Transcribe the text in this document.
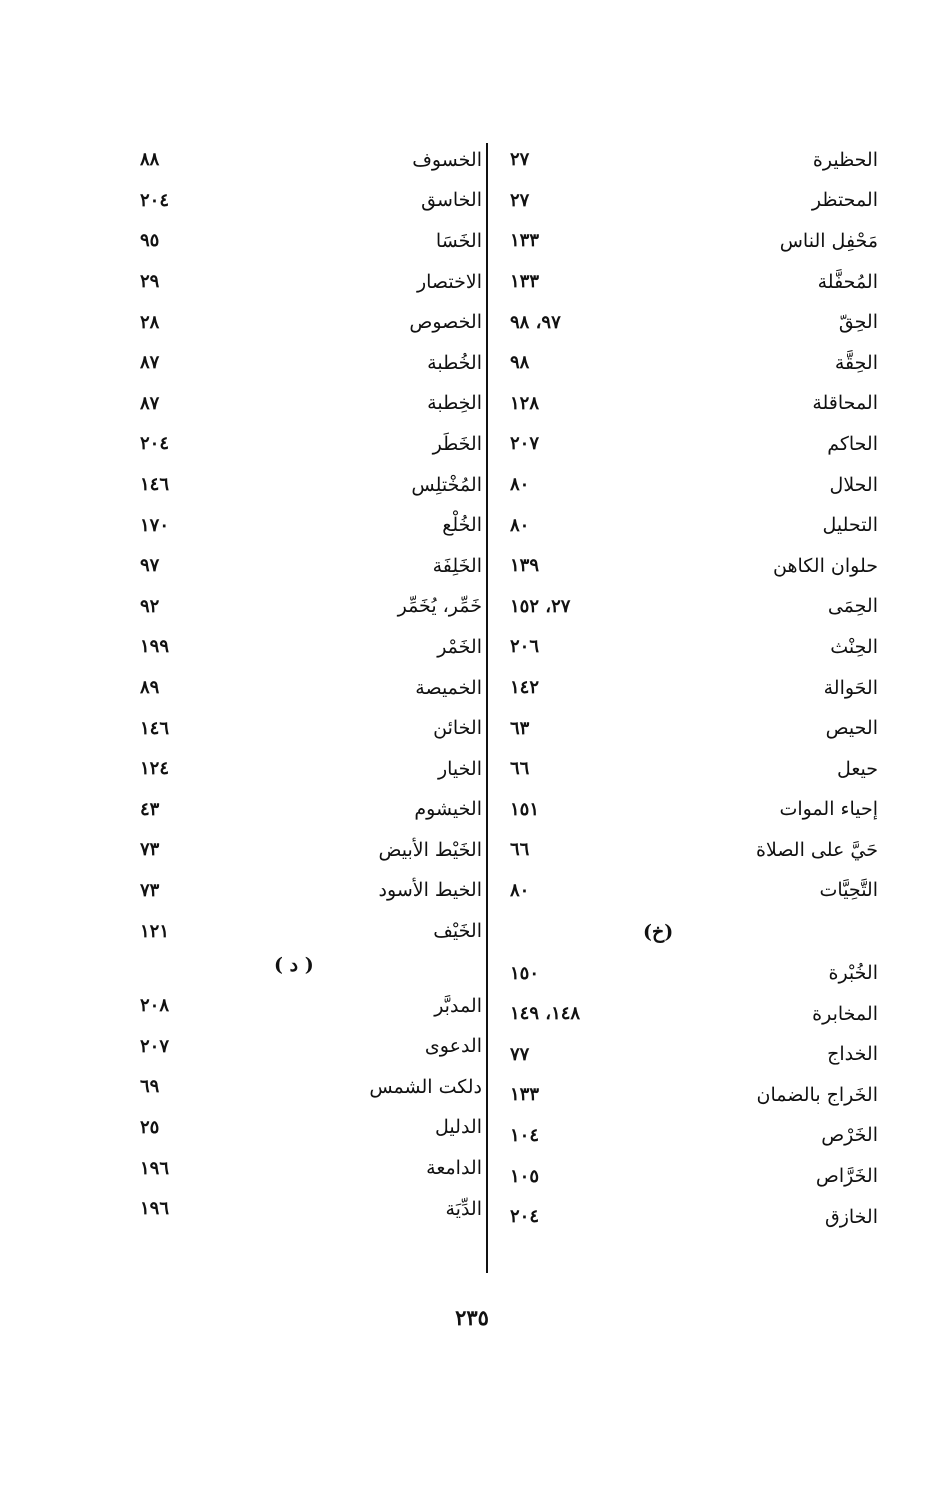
الحظيرة
٢٧
المحتظر
٢٧
مَحْفِل الناس
١٣٣
المُحفَّلة
١٣٣
الحِقّ
٩٧، ٩٨
الحِقَّة
٩٨
المحاقلة
١٢٨
الحاكم
٢٠٧
الحلال
٨٠
التحليل
٨٠
حلوان الكاهن
١٣٩
الحِمَى
٢٧، ١٥٢
الحِنْث
٢٠٦
الحَوالة
١٤٢
الحيص
٦٣
حيعل
٦٦
إحياء الموات
١٥١
حَيَّ على الصلاة
٦٦
التَّحِيَّات
٨٠
(خ)
الخُبْرة
١٥٠
المخابرة
١٤٨، ١٤٩
الخداج
٧٧
الخَراج بالضمان
١٣٣
الخَرْص
١٠٤
الخَرَّاص
١٠٥
الخازق
٢٠٤
الخسوف
٨٨
الخاسق
٢٠٤
الخَسَا
٩٥
الاختصار
٢٩
الخصوص
٢٨
الخُطبة
٨٧
الخِطبة
٨٧
الخَطَر
٢٠٤
المُخْتلِس
١٤٦
الخُلْع
١٧٠
الخَلِفَة
٩٧
خَمِّر، يُخَمِّر
٩٢
الخَمْر
١٩٩
الخميصة
٨٩
الخائن
١٤٦
الخيار
١٢٤
الخيشوم
٤٣
الخَيْط الأبيض
٧٣
الخيط الأسود
٧٣
الخَيْف
١٢١
( د )
المدبَّر
٢٠٨
الدعوى
٢٠٧
دلكت الشمس
٦٩
الدليل
٢٥
الدامعة
١٩٦
الدِّيَة
١٩٦
٢٣٥
